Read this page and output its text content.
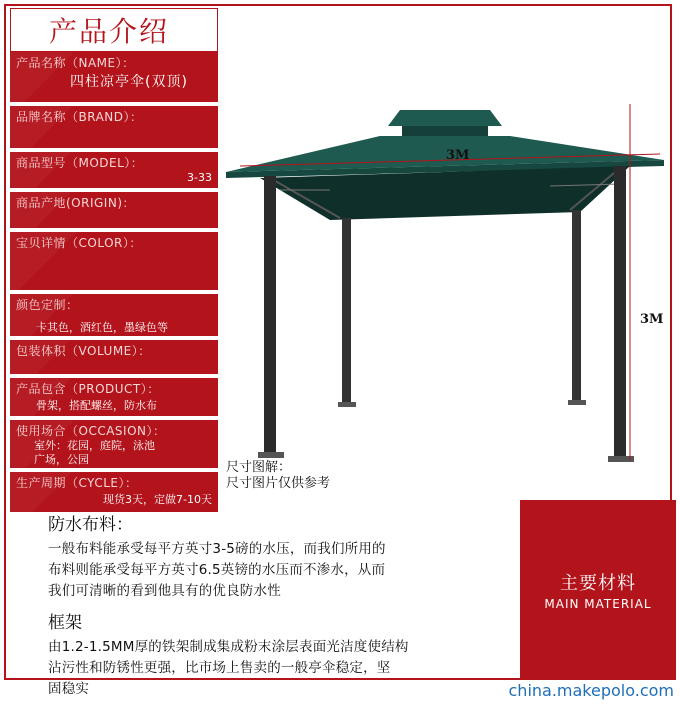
产品介绍
产品名称（NAME）：
四柱凉亭伞(双顶)
品牌名称（BRAND）：
商品型号（MODEL）：
3-33
商品产地(ORIGIN)：
宝贝详情（COLOR）：
颜色定制：
卡其色，酒红色，墨绿色等
包装体积（VOLUME）：
产品包含（PRODUCT）：
骨架，搭配螺丝，防水布
使用场合（OCCASION）：
室外：花园，庭院，泳池
广场，公园
生产周期（CYCLE）：
现货3天，定做7-10天
3M
3M
尺寸图解：
尺寸图片仅供参考
防水布料：
一般布料能承受每平方英寸3-5磅的水压，而我们所用的
布料则能承受每平方英寸6.5英镑的水压而不渗水，从而
我们可清晰的看到他具有的优良防水性
框架
由1.2-1.5MM厚的铁架制成集成粉末涂层表面光洁度使结构
沾污性和防锈性更强，比市场上售卖的一般亭伞稳定，坚
固稳实
主要材料
MAIN MATERIAL
china.makepolo.com
